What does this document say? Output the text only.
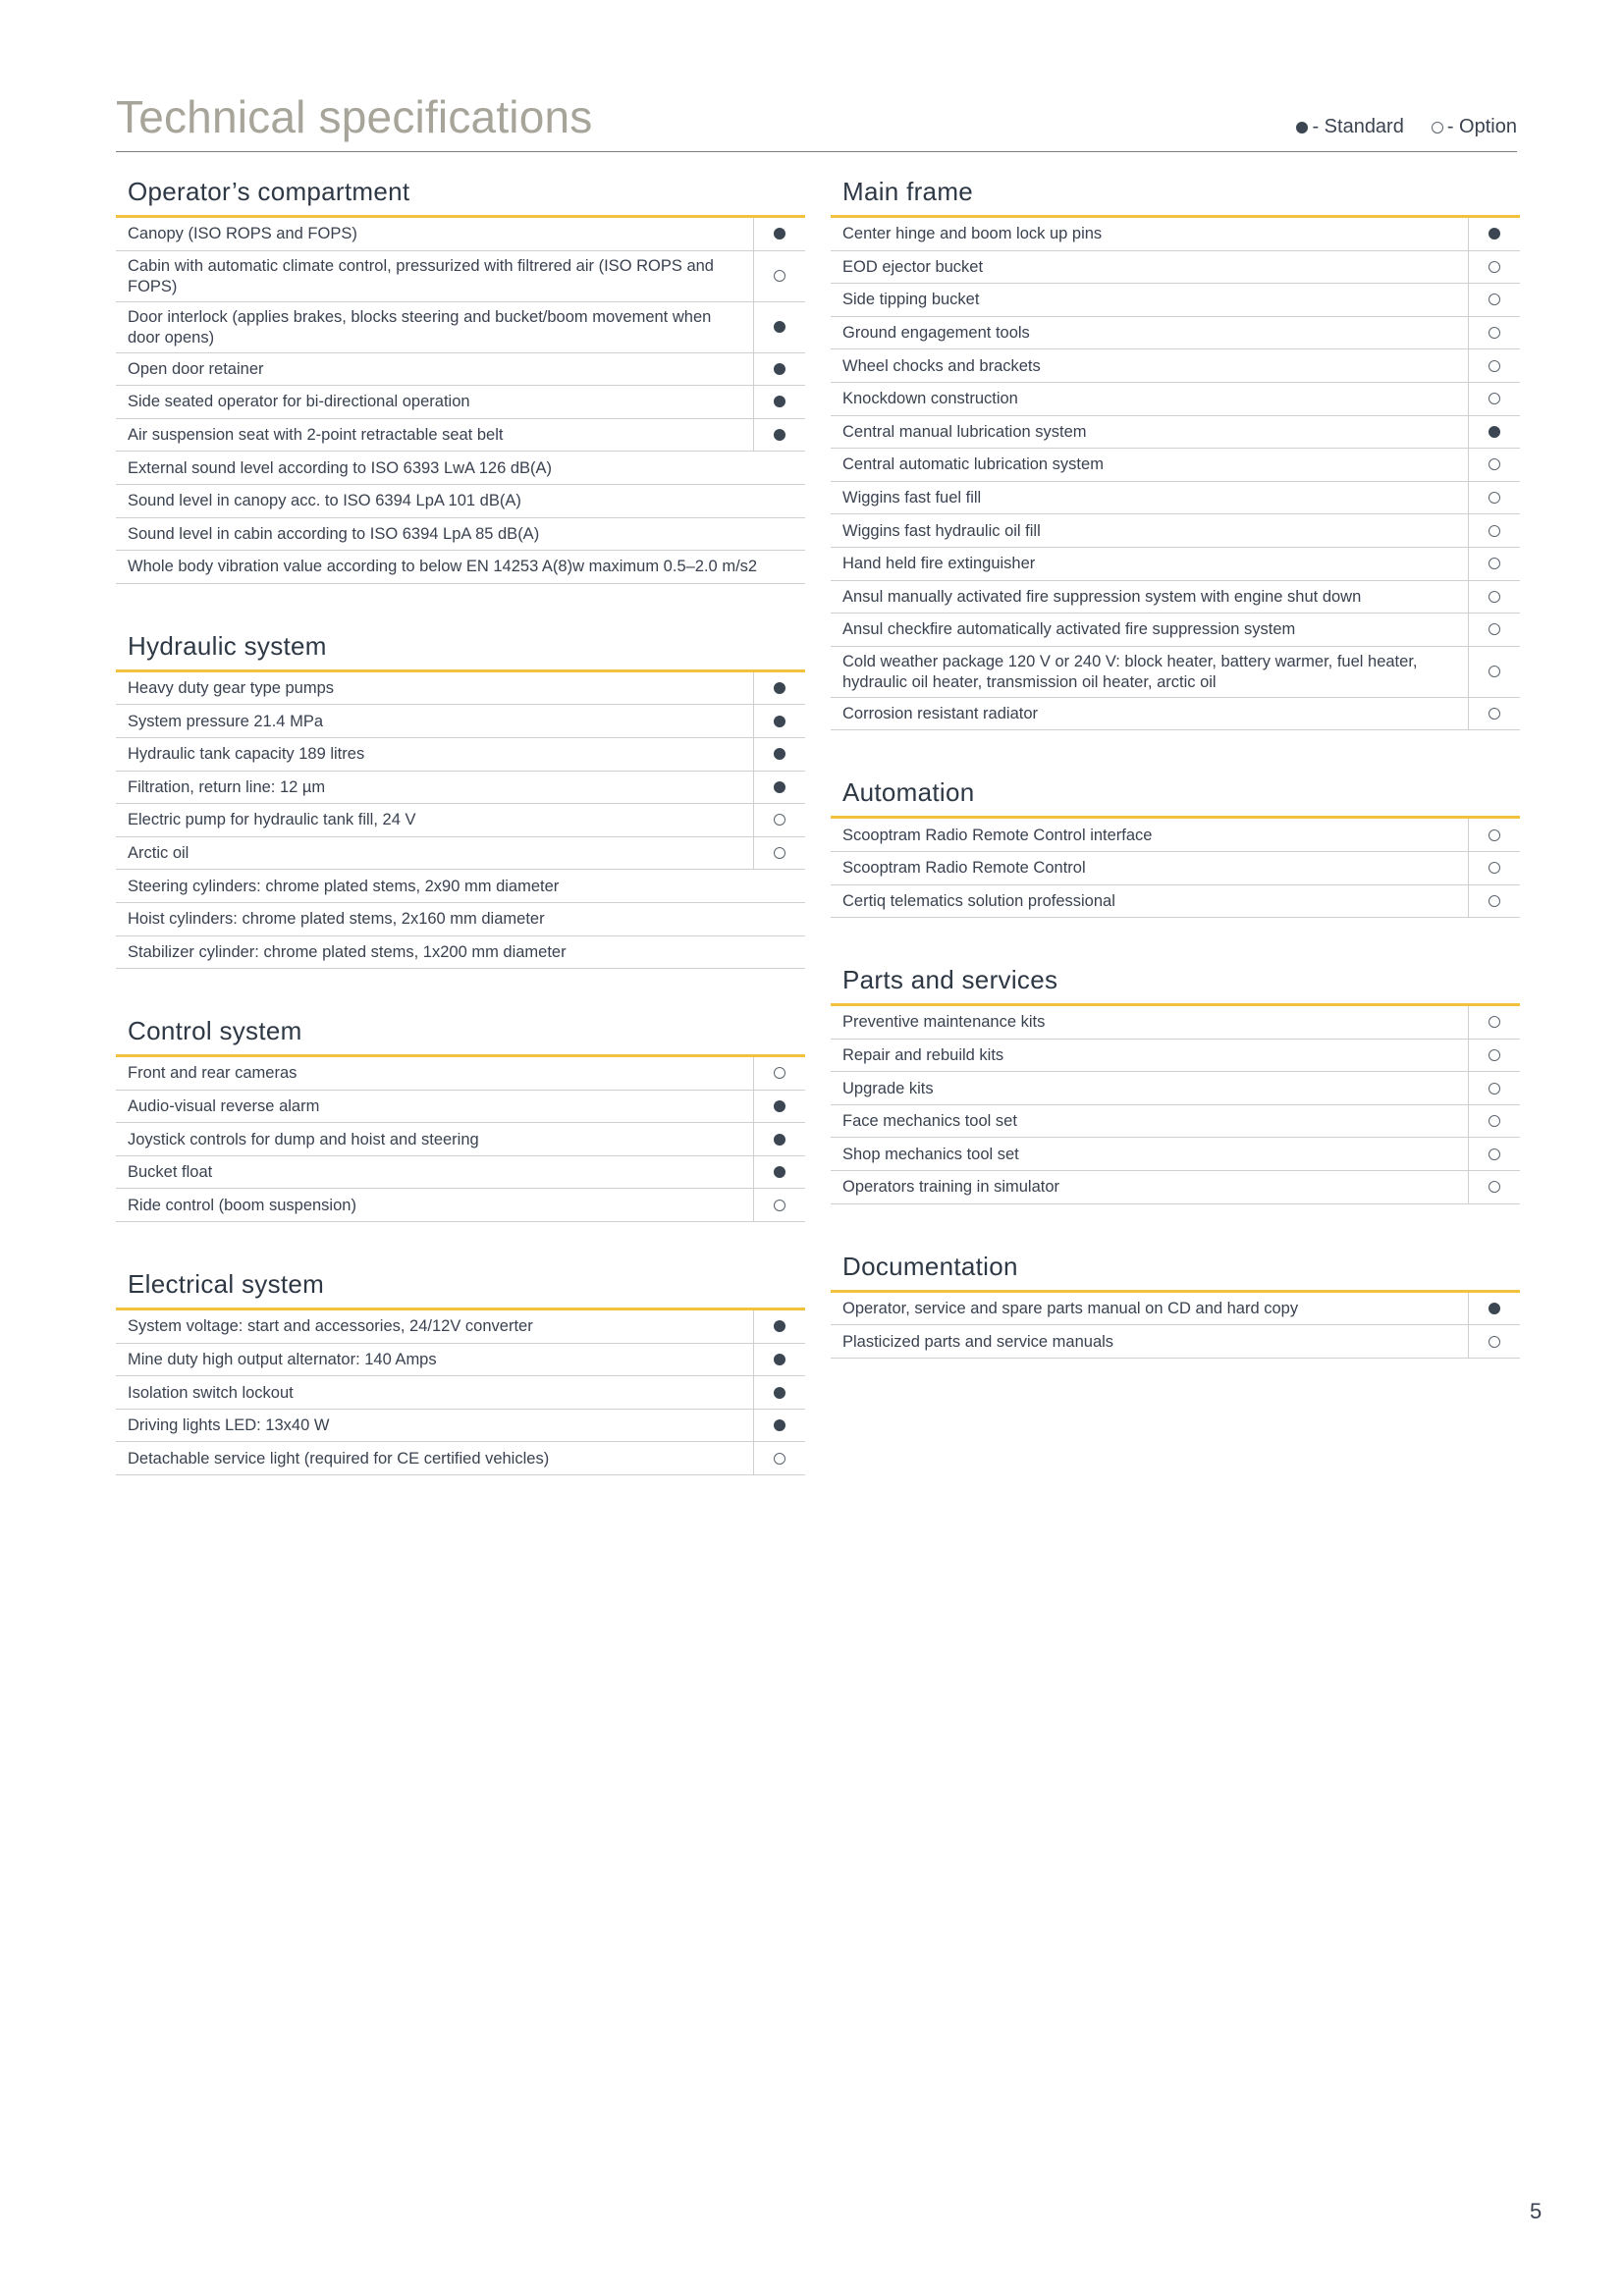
Technical specifications	- Standard - Option
Operator’s compartment
Canopy (ISO ROPS and FOPS)
Cabin with automatic climate control, pressurized with filtrered air (ISO ROPS and FOPS)
Door interlock (applies brakes, blocks steering and bucket/boom movement when door opens)
Open door retainer
Side seated operator for bi-directional operation
Air suspension seat with 2-point retractable seat belt
External sound level according to ISO 6393 LwA 126 dB(A)
Sound level in canopy acc. to ISO 6394 LpA 101 dB(A)
Sound level in cabin according to ISO 6394 LpA 85 dB(A)
Whole body vibration value according to below EN 14253 A(8)w maximum 0.5–2.0 m/s2
Hydraulic system
Heavy duty gear type pumps
System pressure 21.4 MPa
Hydraulic tank capacity 189 litres
Filtration, return line: 12 µm
Electric pump for hydraulic tank fill, 24 V
Arctic oil
Steering cylinders: chrome plated stems, 2x90 mm diameter
Hoist cylinders: chrome plated stems, 2x160 mm diameter
Stabilizer cylinder: chrome plated stems, 1x200 mm diameter
Control system
Front and rear cameras
Audio-visual reverse alarm
Joystick controls for dump and hoist and steering
Bucket float
Ride control (boom suspension)
Electrical system
System voltage: start and accessories, 24/12V converter
Mine duty high output alternator: 140 Amps
Isolation switch lockout
Driving lights LED: 13x40 W
Detachable service light (required for CE certified vehicles)
Main frame
Center hinge and boom lock up pins
EOD ejector bucket
Side tipping bucket
Ground engagement tools
Wheel chocks and brackets
Knockdown construction
Central manual lubrication system
Central automatic lubrication system
Wiggins fast fuel fill
Wiggins fast hydraulic oil fill
Hand held fire extinguisher
Ansul manually activated fire suppression system with engine shut down
Ansul checkfire automatically activated fire suppression system
Cold weather package 120 V or 240 V: block heater, battery warmer, fuel heater, hydraulic oil heater, transmission oil heater, arctic oil
Corrosion resistant radiator
Automation
Scooptram Radio Remote Control interface
Scooptram Radio Remote Control
Certiq telematics solution professional
Parts and services
Preventive maintenance kits
Repair and rebuild kits
Upgrade kits
Face mechanics tool set
Shop mechanics tool set
Operators training in simulator
Documentation
Operator, service and spare parts manual on CD and hard copy
Plasticized parts and service manuals
5
